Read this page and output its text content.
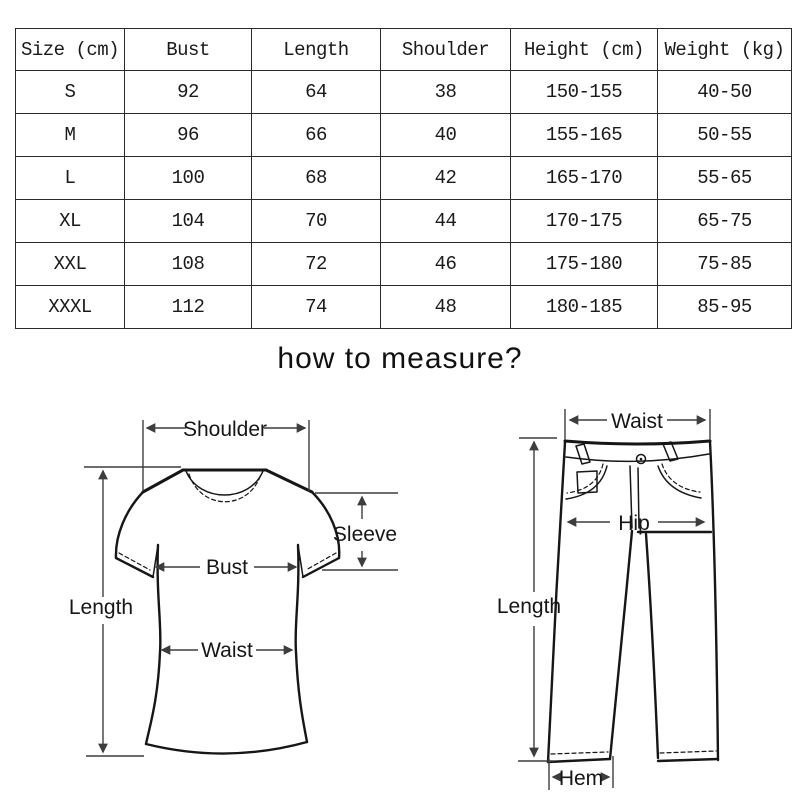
Size (cm)	Bust	Length	Shoulder	Height (cm)	Weight (kg)
S	92	64	38	150-155	40-50
M	96	66	40	155-165	50-55
L	100	68	42	165-170	55-65
XL	104	70	44	170-175	65-75
XXL	108	72	46	175-180	75-85
XXXL	112	74	48	180-185	85-95
how to measure?
Shoulder
Length
Sleeve
Bust
Waist
Waist
Length
Hip
Hem
